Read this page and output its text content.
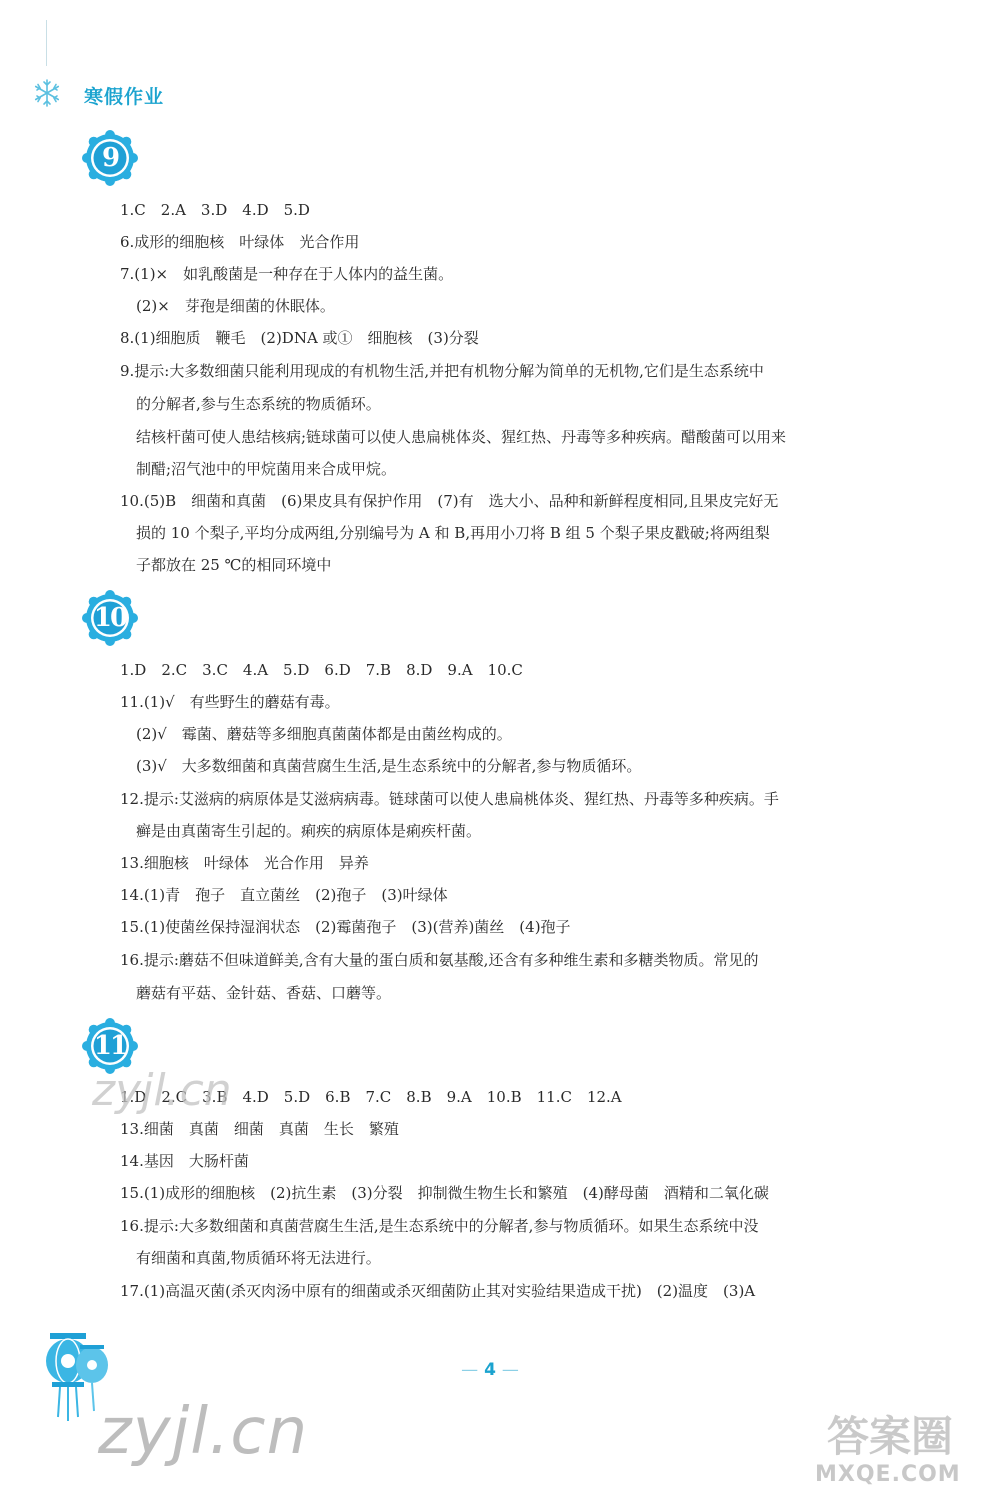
寒假作业
9
1.C　2.A　3.D　4.D　5.D
6.成形的细胞核　叶绿体　光合作用
7.(1)×　如乳酸菌是一种存在于人体内的益生菌。
(2)×　芽孢是细菌的休眠体。
8.(1)细胞质　鞭毛　(2)DNA 或①　细胞核　(3)分裂
9.提示:大多数细菌只能利用现成的有机物生活,并把有机物分解为简单的无机物,它们是生态系统中
的分解者,参与生态系统的物质循环。
结核杆菌可使人患结核病;链球菌可以使人患扁桃体炎、猩红热、丹毒等多种疾病。醋酸菌可以用来
制醋;沼气池中的甲烷菌用来合成甲烷。
10.(5)B　细菌和真菌　(6)果皮具有保护作用　(7)有　选大小、品种和新鲜程度相同,且果皮完好无
损的 10 个梨子,平均分成两组,分别编号为 A 和 B,再用小刀将 B 组 5 个梨子果皮戳破;将两组梨
子都放在 25 ℃的相同环境中
10
1.D　2.C　3.C　4.A　5.D　6.D　7.B　8.D　9.A　10.C
11.(1)√　有些野生的蘑菇有毒。
(2)√　霉菌、蘑菇等多细胞真菌菌体都是由菌丝构成的。
(3)√　大多数细菌和真菌营腐生生活,是生态系统中的分解者,参与物质循环。
12.提示:艾滋病的病原体是艾滋病病毒。链球菌可以使人患扁桃体炎、猩红热、丹毒等多种疾病。手
癣是由真菌寄生引起的。痢疾的病原体是痢疾杆菌。
13.细胞核　叶绿体　光合作用　异养
14.(1)青　孢子　直立菌丝　(2)孢子　(3)叶绿体
15.(1)使菌丝保持湿润状态　(2)霉菌孢子　(3)(营养)菌丝　(4)孢子
16.提示:蘑菇不但味道鲜美,含有大量的蛋白质和氨基酸,还含有多种维生素和多糖类物质。常见的
蘑菇有平菇、金针菇、香菇、口蘑等。
11
1.D　2.C　3.B　4.D　5.D　6.B　7.C　8.B　9.A　10.B　11.C　12.A
13.细菌　真菌　细菌　真菌　生长　繁殖
14.基因　大肠杆菌
15.(1)成形的细胞核　(2)抗生素　(3)分裂　抑制微生物生长和繁殖　(4)酵母菌　酒精和二氧化碳
16.提示:大多数细菌和真菌营腐生生活,是生态系统中的分解者,参与物质循环。如果生态系统中没
有细菌和真菌,物质循环将无法进行。
17.(1)高温灭菌(杀灭肉汤中原有的细菌或杀灭细菌防止其对实验结果造成干扰)　(2)温度　(3)A
zyjl.cn
— 4 —
zyjl.cn	答案圈
MXQE.COM
